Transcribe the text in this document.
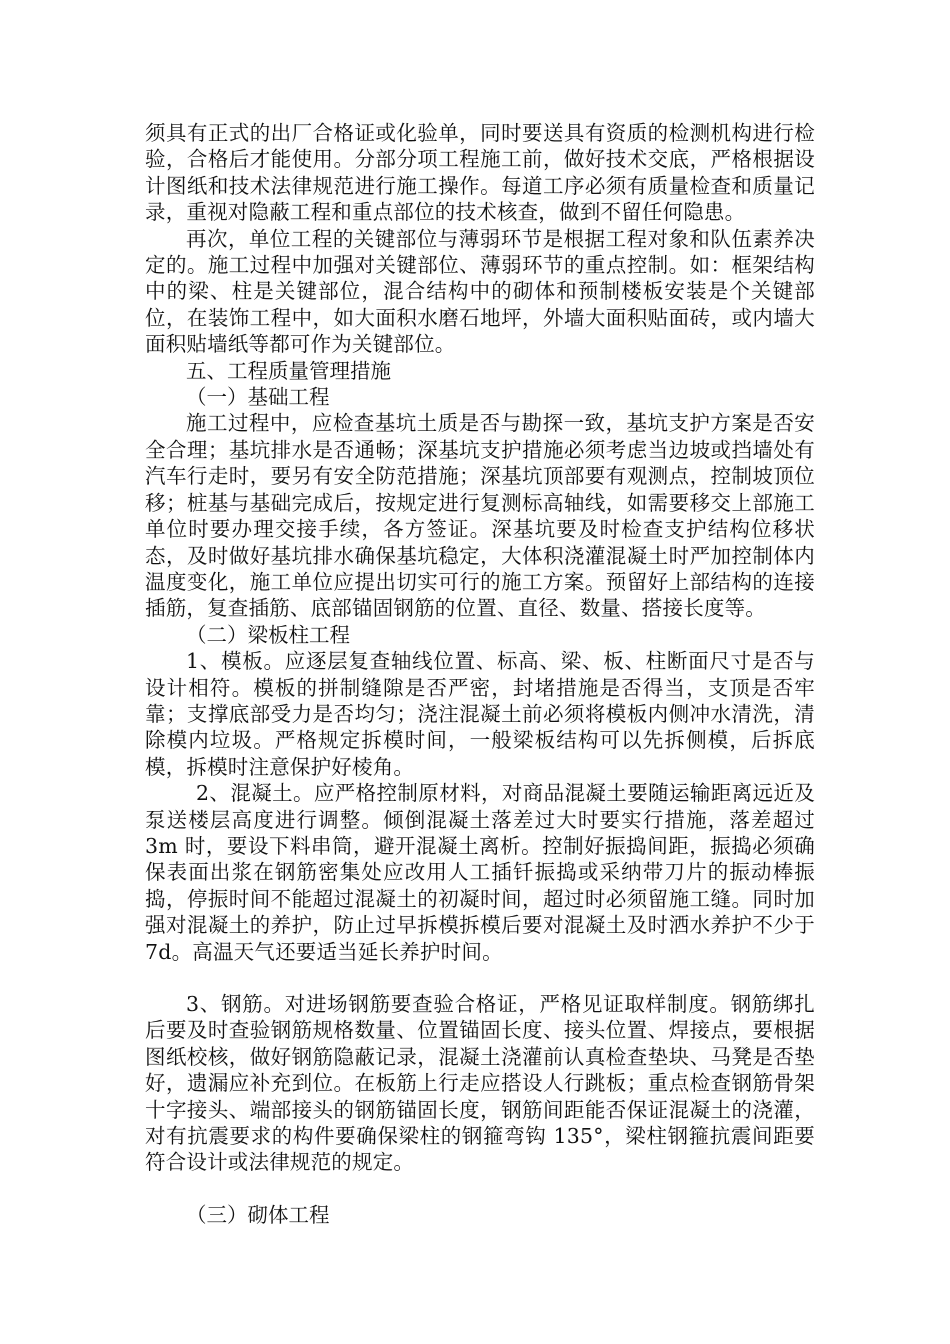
须具有正式的出厂合格证或化验单，同时要送具有资质的检测机构进行检验，合格后才能使用。分部分项工程施工前，做好技术交底，严格根据设计图纸和技术法律规范进行施工操作。每道工序必须有质量检查和质量记录，重视对隐蔽工程和重点部位的技术核查，做到不留任何隐患。

再次，单位工程的关键部位与薄弱环节是根据工程对象和队伍素养决定的。施工过程中加强对关键部位、薄弱环节的重点控制。如：框架结构中的梁、柱是关键部位，混合结构中的砌体和预制楼板安装是个关键部位，在装饰工程中，如大面积水磨石地坪，外墙大面积贴面砖，或内墙大面积贴墙纸等都可作为关键部位。

五、工程质量管理措施

（一）基础工程

施工过程中，应检查基坑土质是否与勘探一致，基坑支护方案是否安全合理；基坑排水是否通畅；深基坑支护措施必须考虑当边坡或挡墙处有汽车行走时，要另有安全防范措施；深基坑顶部要有观测点，控制坡顶位移；桩基与基础完成后，按规定进行复测标高轴线，如需要移交上部施工单位时要办理交接手续，各方签证。深基坑要及时检查支护结构位移状态，及时做好基坑排水确保基坑稳定，大体积浇灌混凝土时严加控制体内温度变化，施工单位应提出切实可行的施工方案。预留好上部结构的连接插筋，复查插筋、底部锚固钢筋的位置、直径、数量、搭接长度等。

（二）梁板柱工程

1、模板。应逐层复查轴线位置、标高、梁、板、柱断面尺寸是否与设计相符。模板的拼制缝隙是否严密，封堵措施是否得当，支顶是否牢靠；支撑底部受力是否均匀；浇注混凝土前必须将模板内侧冲水清洗，清除模内垃圾。严格规定拆模时间，一般梁板结构可以先拆侧模，后拆底模，拆模时注意保护好棱角。

2、混凝土。应严格控制原材料，对商品混凝土要随运输距离远近及泵送楼层高度进行调整。倾倒混凝土落差过大时要实行措施，落差超过 3m 时，要设下料串筒，避开混凝土离析。控制好振捣间距，振捣必须确保表面出浆在钢筋密集处应改用人工插钎振捣或采纳带刀片的振动棒振捣，停振时间不能超过混凝土的初凝时间，超过时必须留施工缝。同时加强对混凝土的养护，防止过早拆模拆模后要对混凝土及时洒水养护不少于 7d。高温天气还要适当延长养护时间。

3、钢筋。对进场钢筋要查验合格证，严格见证取样制度。钢筋绑扎后要及时查验钢筋规格数量、位置锚固长度、接头位置、焊接点，要根据图纸校核，做好钢筋隐蔽记录，混凝土浇灌前认真检查垫块、马凳是否垫好，遗漏应补充到位。在板筋上行走应搭设人行跳板；重点检查钢筋骨架十字接头、端部接头的钢筋锚固长度，钢筋间距能否保证混凝土的浇灌，对有抗震要求的构件要确保梁柱的钢箍弯钩 135°，梁柱钢箍抗震间距要符合设计或法律规范的规定。

（三）砌体工程
